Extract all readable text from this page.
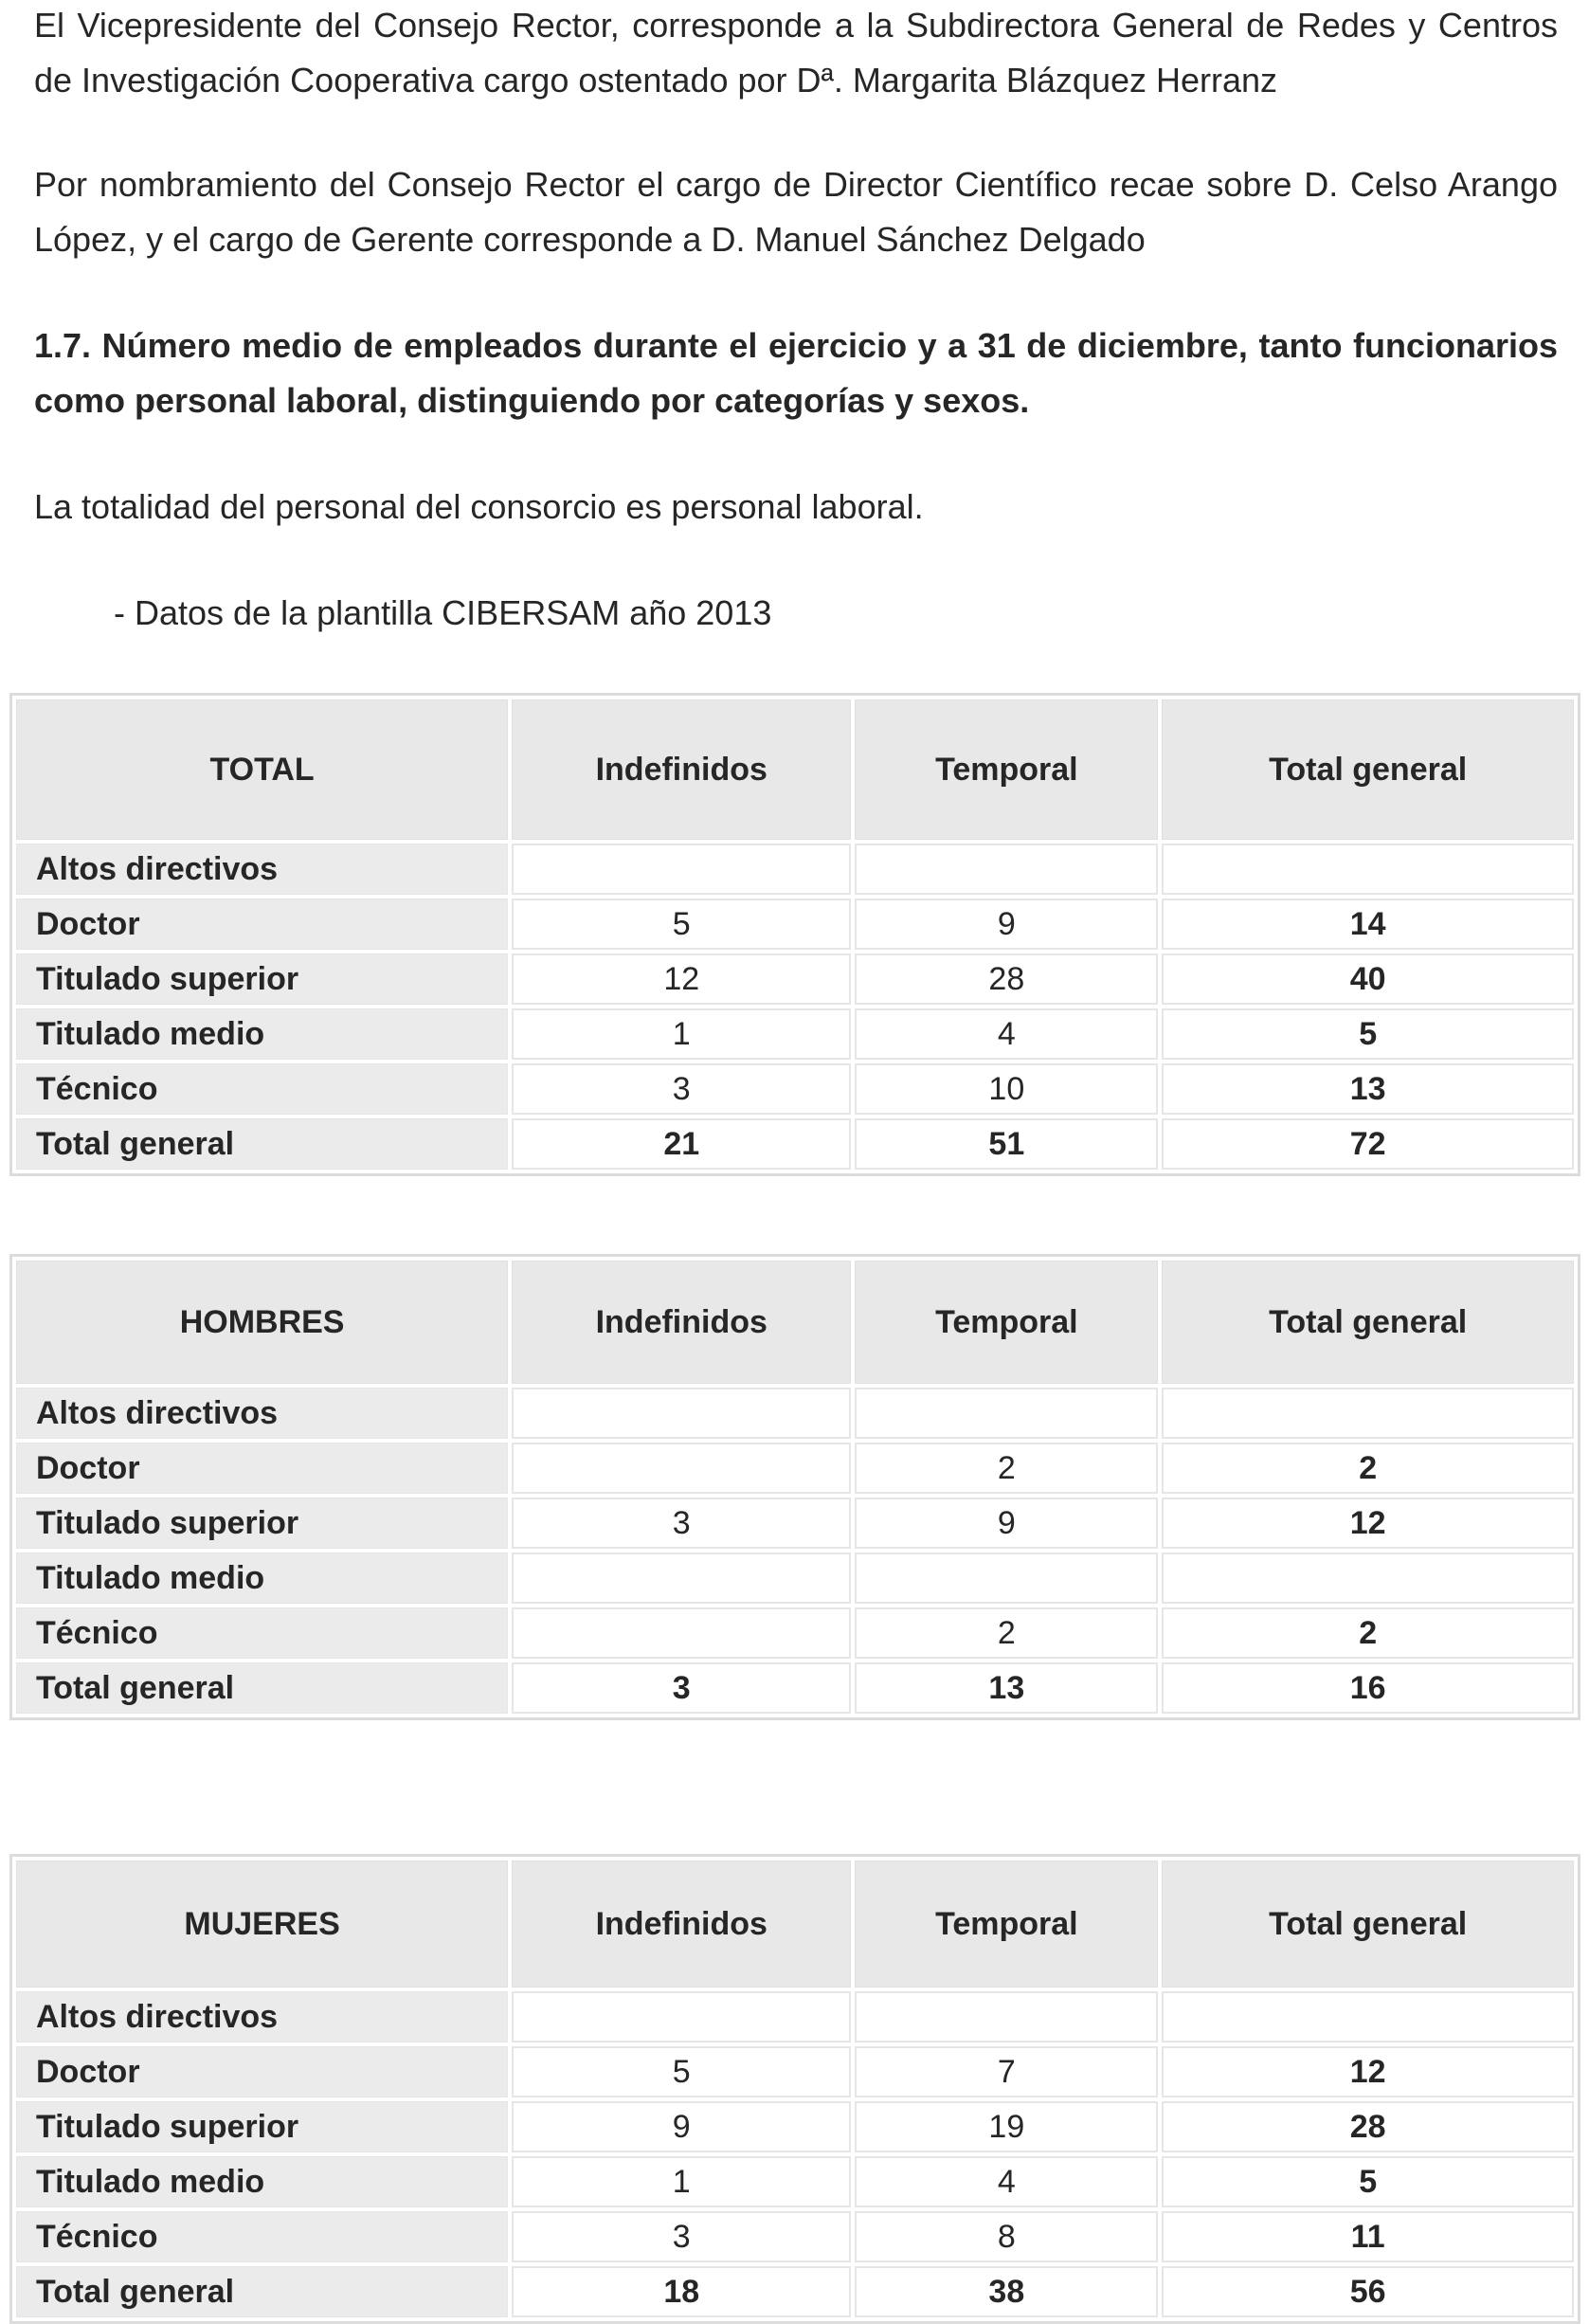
El Vicepresidente del Consejo Rector, corresponde a la Subdirectora General de Redes y Centros de Investigación Cooperativa cargo ostentado por Dª. Margarita Blázquez Herranz

Por nombramiento del Consejo Rector el cargo de Director Científico recae sobre D. Celso Arango López, y el cargo de Gerente corresponde a D. Manuel Sánchez Delgado

1.7. Número medio de empleados durante el ejercicio y a 31 de diciembre, tanto funcionarios como personal laboral, distinguiendo por categorías y sexos.

La totalidad del personal del consorcio es personal laboral.

- Datos de la plantilla CIBERSAM año 2013

TOTAL	Indefinidos	Temporal	Total general
Altos directivos			
Doctor	5	9	14
Titulado superior	12	28	40
Titulado medio	1	4	5
Técnico	3	10	13
Total general	21	51	72
HOMBRES	Indefinidos	Temporal	Total general
Altos directivos			
Doctor		2	2
Titulado superior	3	9	12
Titulado medio			
Técnico		2	2
Total general	3	13	16
MUJERES	Indefinidos	Temporal	Total general
Altos directivos			
Doctor	5	7	12
Titulado superior	9	19	28
Titulado medio	1	4	5
Técnico	3	8	11
Total general	18	38	56
